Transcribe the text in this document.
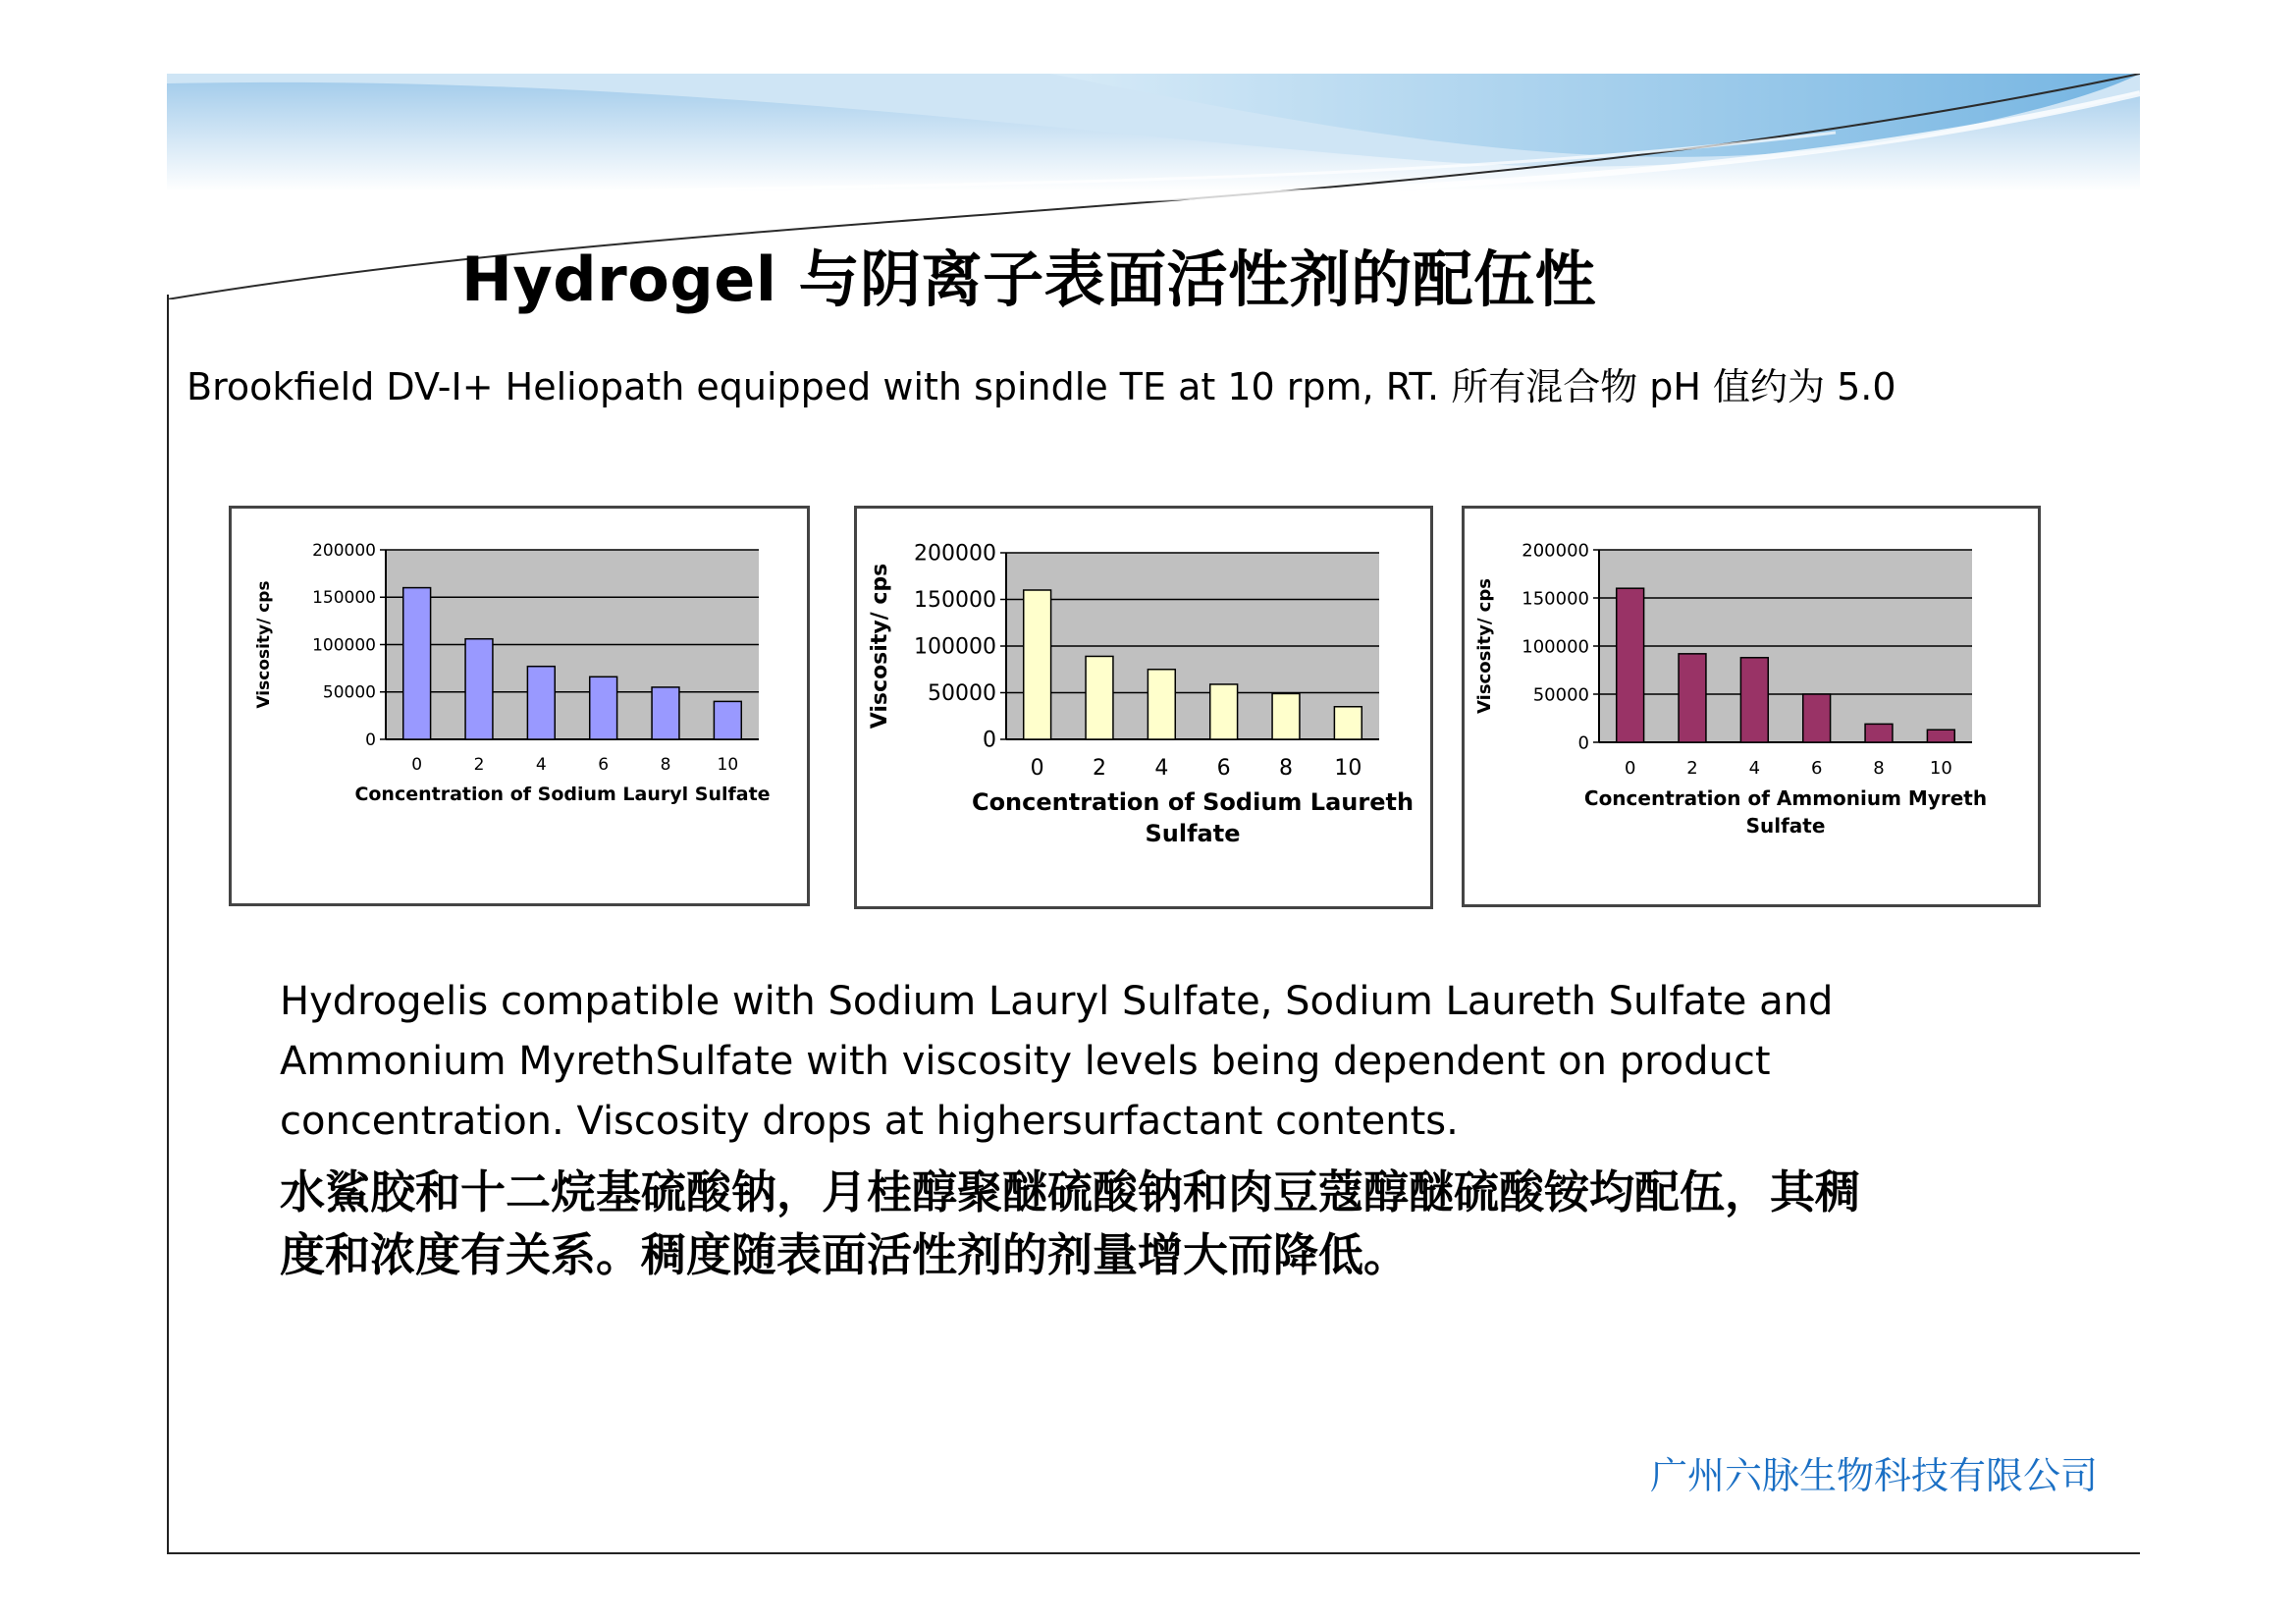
Hydrogel 与阴离子表面活性剂的配伍性
Brookfield DV-I+ Heliopath equipped with spindle TE at 10 rpm, RT. 所有混合物 pH 值约为 5.0
0
50000
100000
150000
200000
0	2	4	6	8	10
Viscosity/ cps
Concentration of Sodium Lauryl Sulfate
0
50000
100000
150000
200000
0 2 4 6 8 10
Viscosity/ cps
Concentration of Sodium Laureth
Sulfate
0
50000
100000
150000
200000
0	2	4	6	8	10
Viscosity/ cps
Concentration of Ammonium Myreth
Sulfate

Hydrogelis compatible with Sodium Lauryl Sulfate, Sodium Laureth Sulfate and

Ammonium MyrethSulfate with viscosity levels being dependent on product

concentration. Viscosity drops at highersurfactant contents.

水鯊胶和十二烷基硫酸钠，月桂醇聚醚硫酸钠和肉豆蔻醇醚硫酸铵均配伍，其稠

度和浓度有关系。稠度随表面活性剂的剂量增大而降低。

广州六脉生物科技有限公司
